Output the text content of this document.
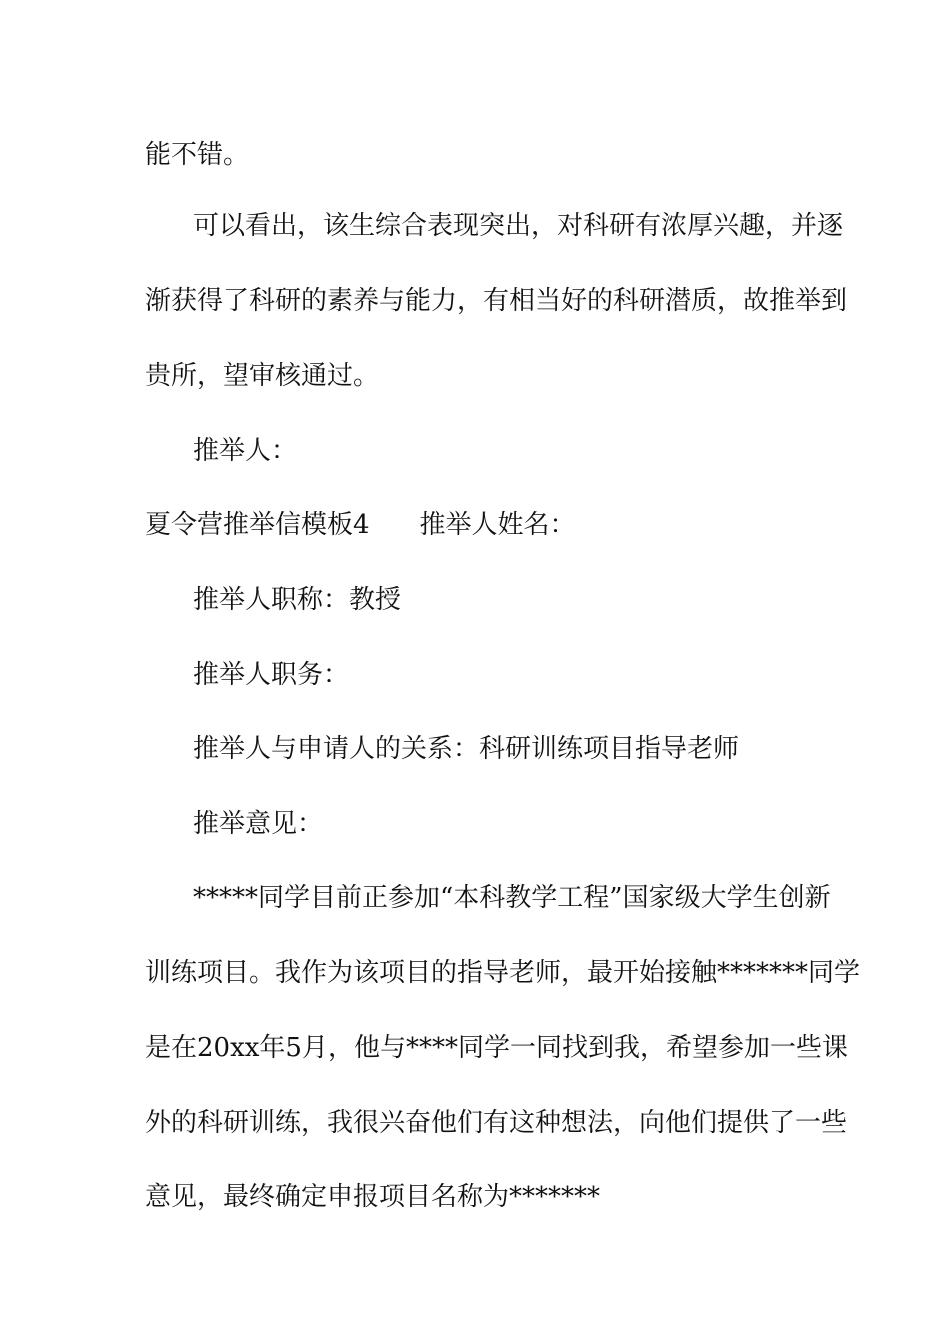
能不错。

可以看出，该生综合表现突出，对科研有浓厚兴趣，并逐

渐获得了科研的素养与能力，有相当好的科研潜质，故推举到

贵所，望审核通过。

推举人：

夏令营推举信模板4 推举人姓名：

推举人职称：教授

推举人职务：

推举人与申请人的关系：科研训练项目指导老师

推举意见：

*****同学目前正参加“本科教学工程”国家级大学生创新

训练项目。我作为该项目的指导老师，最开始接触*******同学

是在20xx年5月，他与****同学一同找到我，希望参加一些课

外的科研训练，我很兴奋他们有这种想法，向他们提供了一些

意见，最终确定申报项目名称为*******
